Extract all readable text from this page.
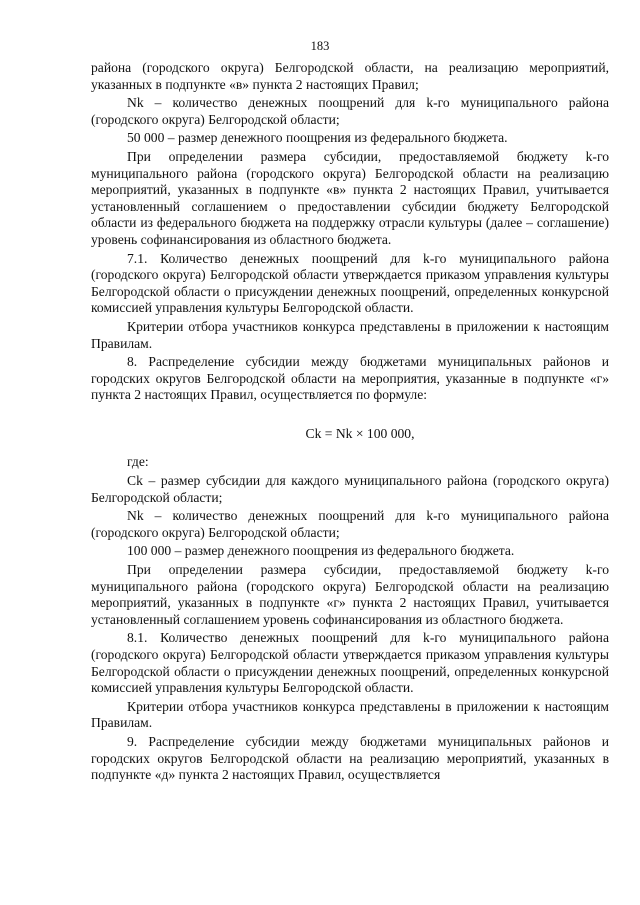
183

района (городского округа) Белгородской области, на реализацию мероприятий, указанных в подпункте «в» пункта 2 настоящих Правил;

Nk – количество денежных поощрений для k-го муниципального района (городского округа) Белгородской области;

50 000 – размер денежного поощрения из федерального бюджета.

При определении размера субсидии, предоставляемой бюджету k-го муниципального района (городского округа) Белгородской области на реализацию мероприятий, указанных в подпункте «в» пункта 2 настоящих Правил, учитывается установленный соглашением о предоставлении субсидии бюджету Белгородской области из федерального бюджета на поддержку отрасли культуры (далее – соглашение) уровень софинансирования из областного бюджета.

7.1. Количество денежных поощрений для k-го муниципального района (городского округа) Белгородской области утверждается приказом управления культуры Белгородской области о присуждении денежных поощрений, определенных конкурсной комиссией управления культуры Белгородской области.

Критерии отбора участников конкурса представлены в приложении к настоящим Правилам.

8. Распределение субсидии между бюджетами муниципальных районов и городских округов Белгородской области на мероприятия, указанные в подпункте «г» пункта 2 настоящих Правил, осуществляется по формуле:

Ck = Nk × 100 000,

где:

Ck – размер субсидии для каждого муниципального района (городского округа) Белгородской области;

Nk – количество денежных поощрений для k-го муниципального района (городского округа) Белгородской области;

100 000 – размер денежного поощрения из федерального бюджета.

При определении размера субсидии, предоставляемой бюджету k-го муниципального района (городского округа) Белгородской области на реализацию мероприятий, указанных в подпункте «г» пункта 2 настоящих Правил, учитывается установленный соглашением уровень софинансирования из областного бюджета.

8.1. Количество денежных поощрений для k-го муниципального района (городского округа) Белгородской области утверждается приказом управления культуры Белгородской области о присуждении денежных поощрений, определенных конкурсной комиссией управления культуры Белгородской области.

Критерии отбора участников конкурса представлены в приложении к настоящим Правилам.

9. Распределение субсидии между бюджетами муниципальных районов и городских округов Белгородской области на реализацию мероприятий, указанных в подпункте «д» пункта 2 настоящих Правил, осуществляется
